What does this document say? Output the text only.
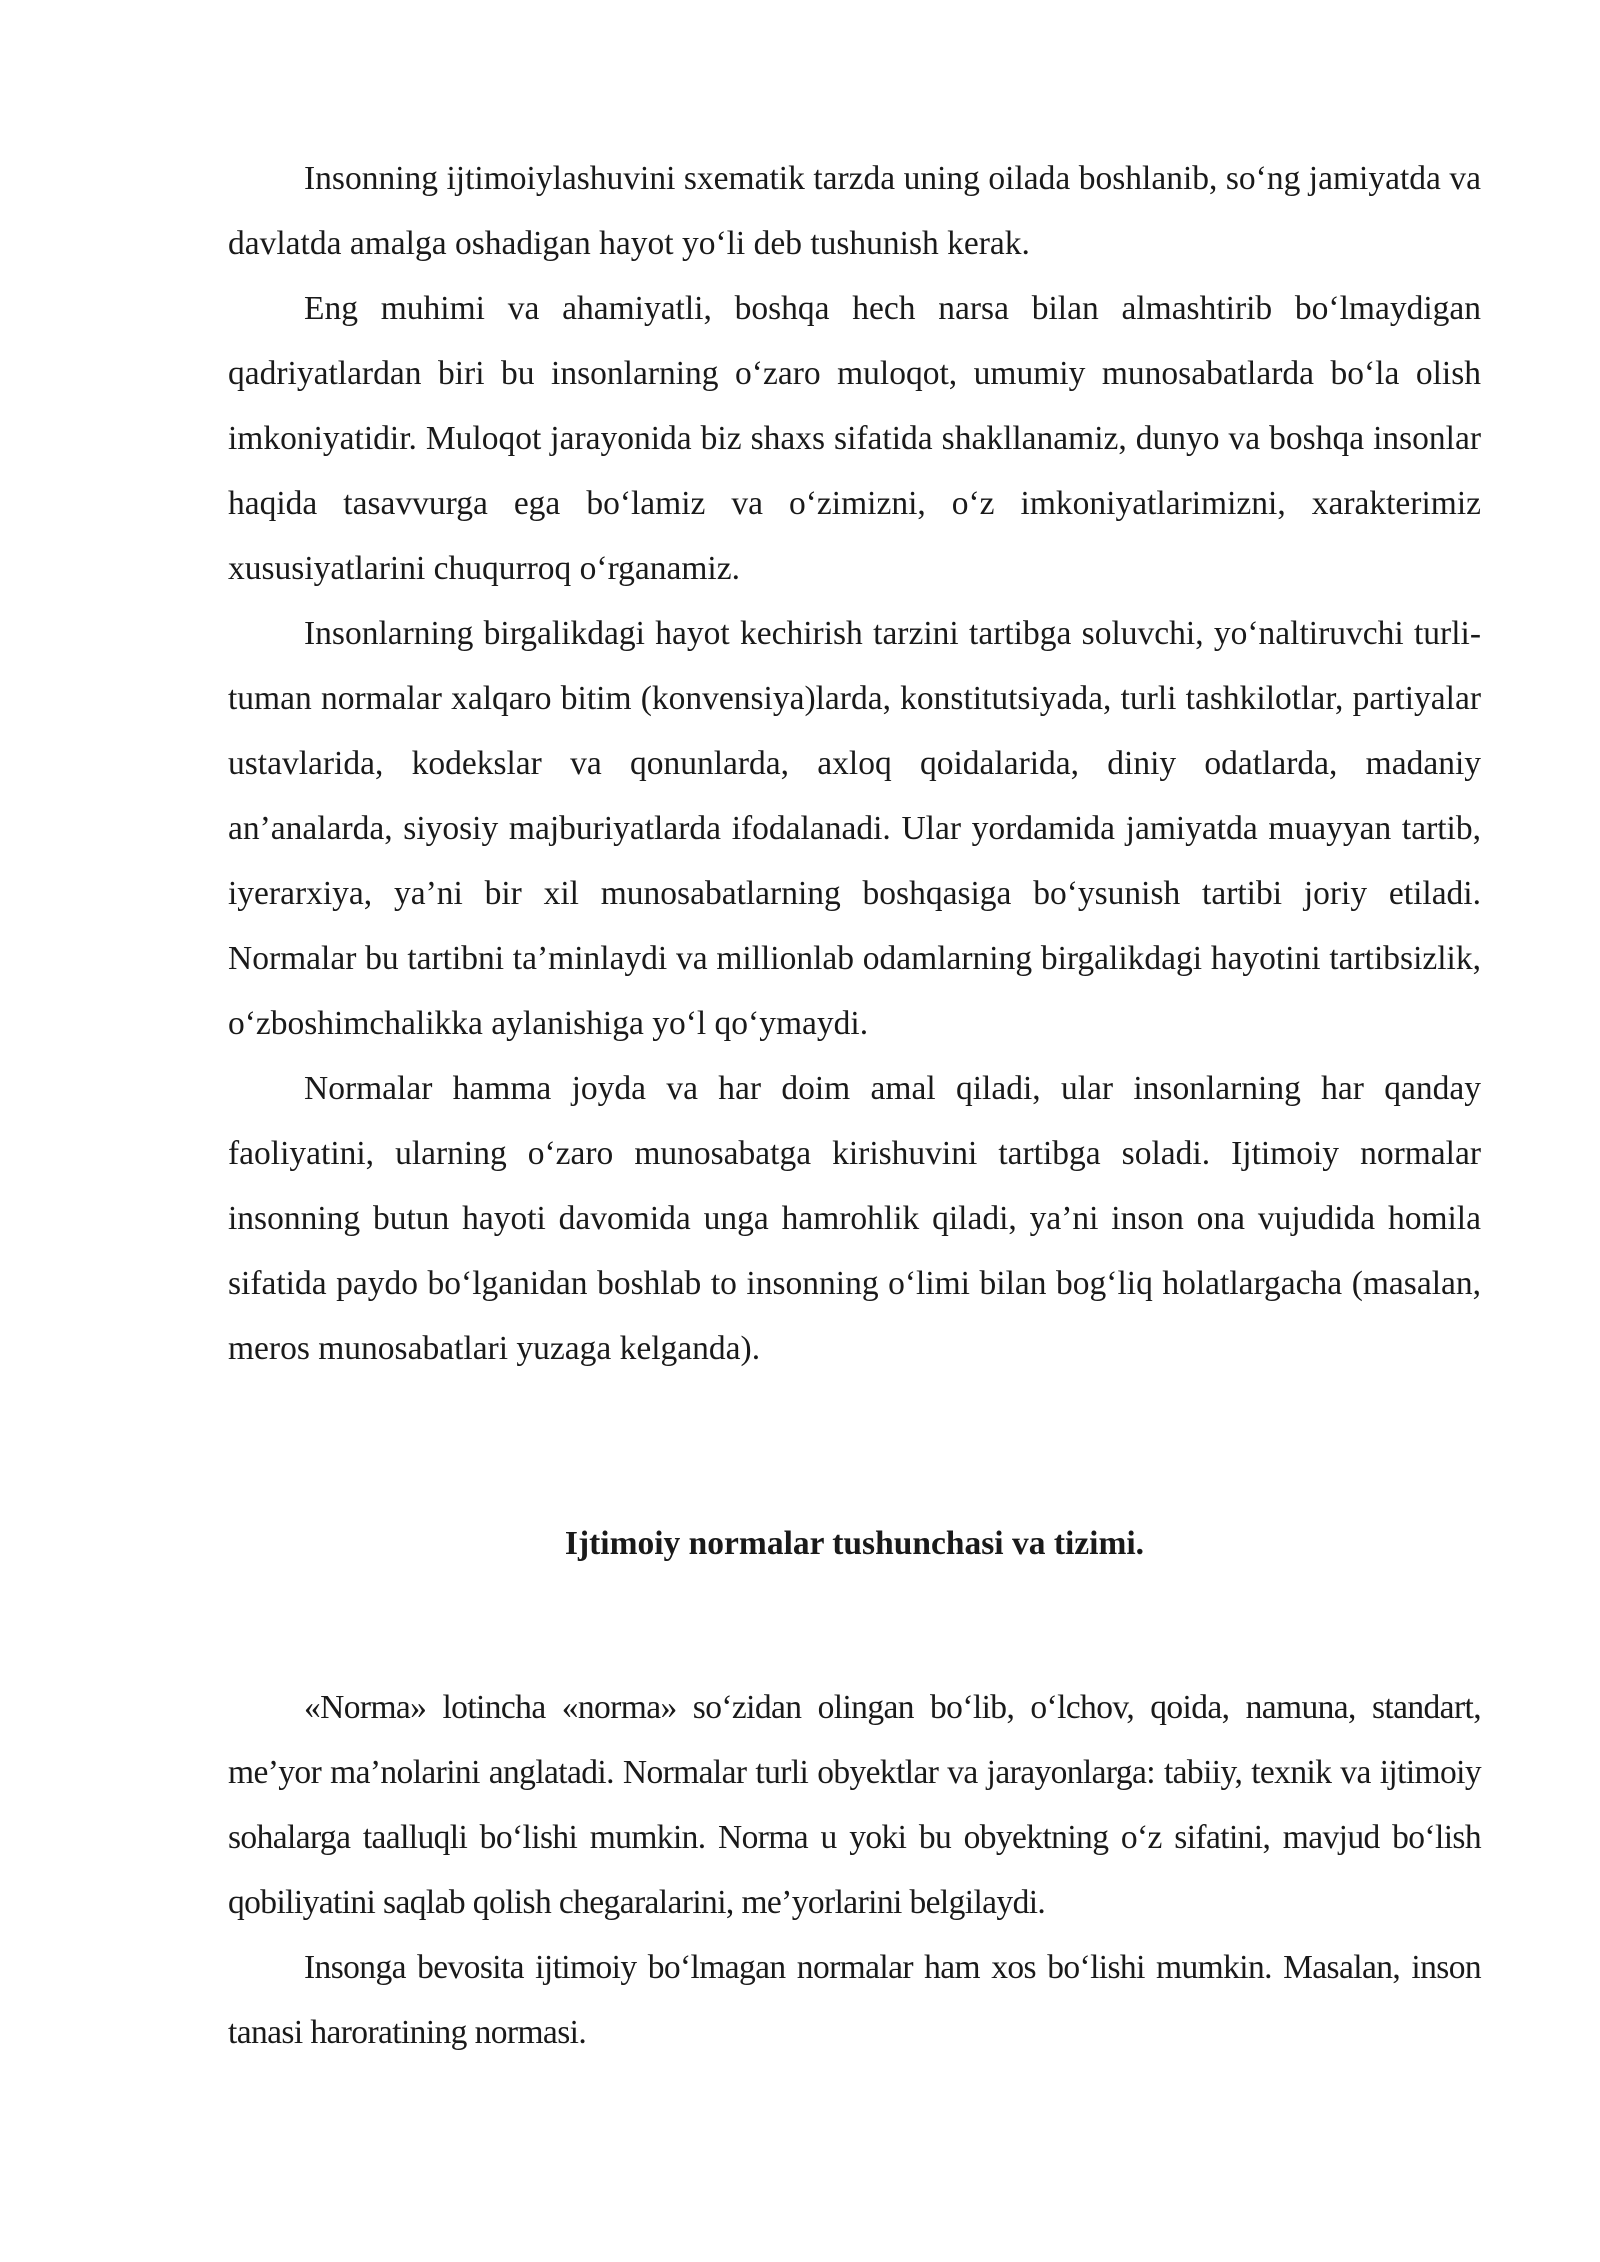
Insonning ijtimoiylashuvini sxematik tarzda uning oilada boshlanib, so‘ng jamiyatda va davlatda amalga oshadigan hayot yo‘li deb tushunish kerak.

Eng muhimi va ahamiyatli, boshqa hech narsa bilan almashtirib bo‘lmaydigan qadriyatlardan biri bu insonlarning o‘zaro muloqot, umumiy munosabatlarda bo‘la olish imkoniyatidir. Muloqot jarayonida biz shaxs sifatida shakllanamiz, dunyo va boshqa insonlar haqida tasavvurga ega bo‘lamiz va o‘zimizni, o‘z imkoniyatlarimizni, xarakterimiz xususiyatlarini chuqurroq o‘rganamiz.

Insonlarning birgalikdagi hayot kechirish tarzini tartibga soluvchi, yo‘naltiruvchi turli-tuman normalar xalqaro bitim (konvensiya)larda, konstitutsiyada, turli tashkilotlar, partiyalar ustavlarida, kodekslar va qonunlarda, axloq qoidalarida, diniy odatlarda, madaniy an’analarda, siyosiy majburiyatlarda ifodalanadi. Ular yordamida jamiyatda muayyan tartib, iyerarxiya, ya’ni bir xil munosabatlarning boshqasiga bo‘ysunish tartibi joriy etiladi. Normalar bu tartibni ta’minlaydi va millionlab odamlarning birgalikdagi hayotini tartibsizlik, o‘zboshimchalikka aylanishiga yo‘l qo‘ymaydi.

Normalar hamma joyda va har doim amal qiladi, ular insonlarning har qanday faoliyatini, ularning o‘zaro munosabatga kirishuvini tartibga soladi. Ijtimoiy normalar insonning butun hayoti davomida unga hamrohlik qiladi, ya’ni inson ona vujudida homila sifatida paydo bo‘lganidan boshlab to insonning o‘limi bilan bog‘liq holatlargacha (masalan, meros munosabatlari yuzaga kelganda).

Ijtimoiy normalar tushunchasi va tizimi.

«Norma» lotincha «norma» so‘zidan olingan bo‘lib, o‘lchov, qoida, namuna, standart, me’yor ma’nolarini anglatadi. Normalar turli obyektlar va jarayonlarga: tabiiy, texnik va ijtimoiy sohalarga taalluqli bo‘lishi mumkin. Norma u yoki bu obyektning o‘z sifatini, mavjud bo‘lish qobiliyatini saqlab qolish chegaralarini, me’yorlarini belgilaydi.

Insonga bevosita ijtimoiy bo‘lmagan normalar ham xos bo‘lishi mumkin. Masalan, inson tanasi haroratining normasi.
